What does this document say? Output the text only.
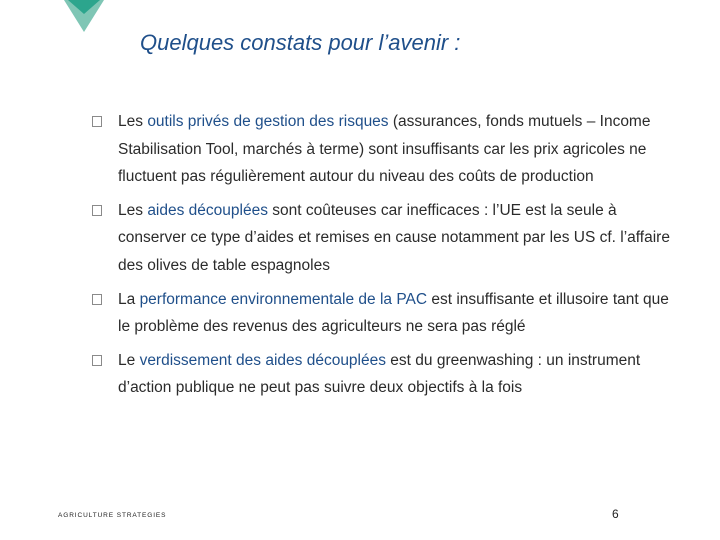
Quelques constats pour l’avenir :
Les outils privés de gestion des risques (assurances, fonds mutuels – Income Stabilisation Tool, marchés à terme) sont insuffisants car les prix agricoles ne fluctuent pas régulièrement autour du niveau des coûts de production
Les aides découplées sont coûteuses car inefficaces : l’UE est la seule à conserver ce type d’aides et remises en cause notamment par les US cf. l’affaire des olives de table espagnoles
La performance environnementale de la PAC est insuffisante et illusoire tant que le problème des revenus des agriculteurs ne sera pas réglé
Le verdissement des aides découplées est du greenwashing : un instrument d’action publique ne peut pas suivre deux objectifs à la fois
AGRICULTURE STRATEGIES	6
